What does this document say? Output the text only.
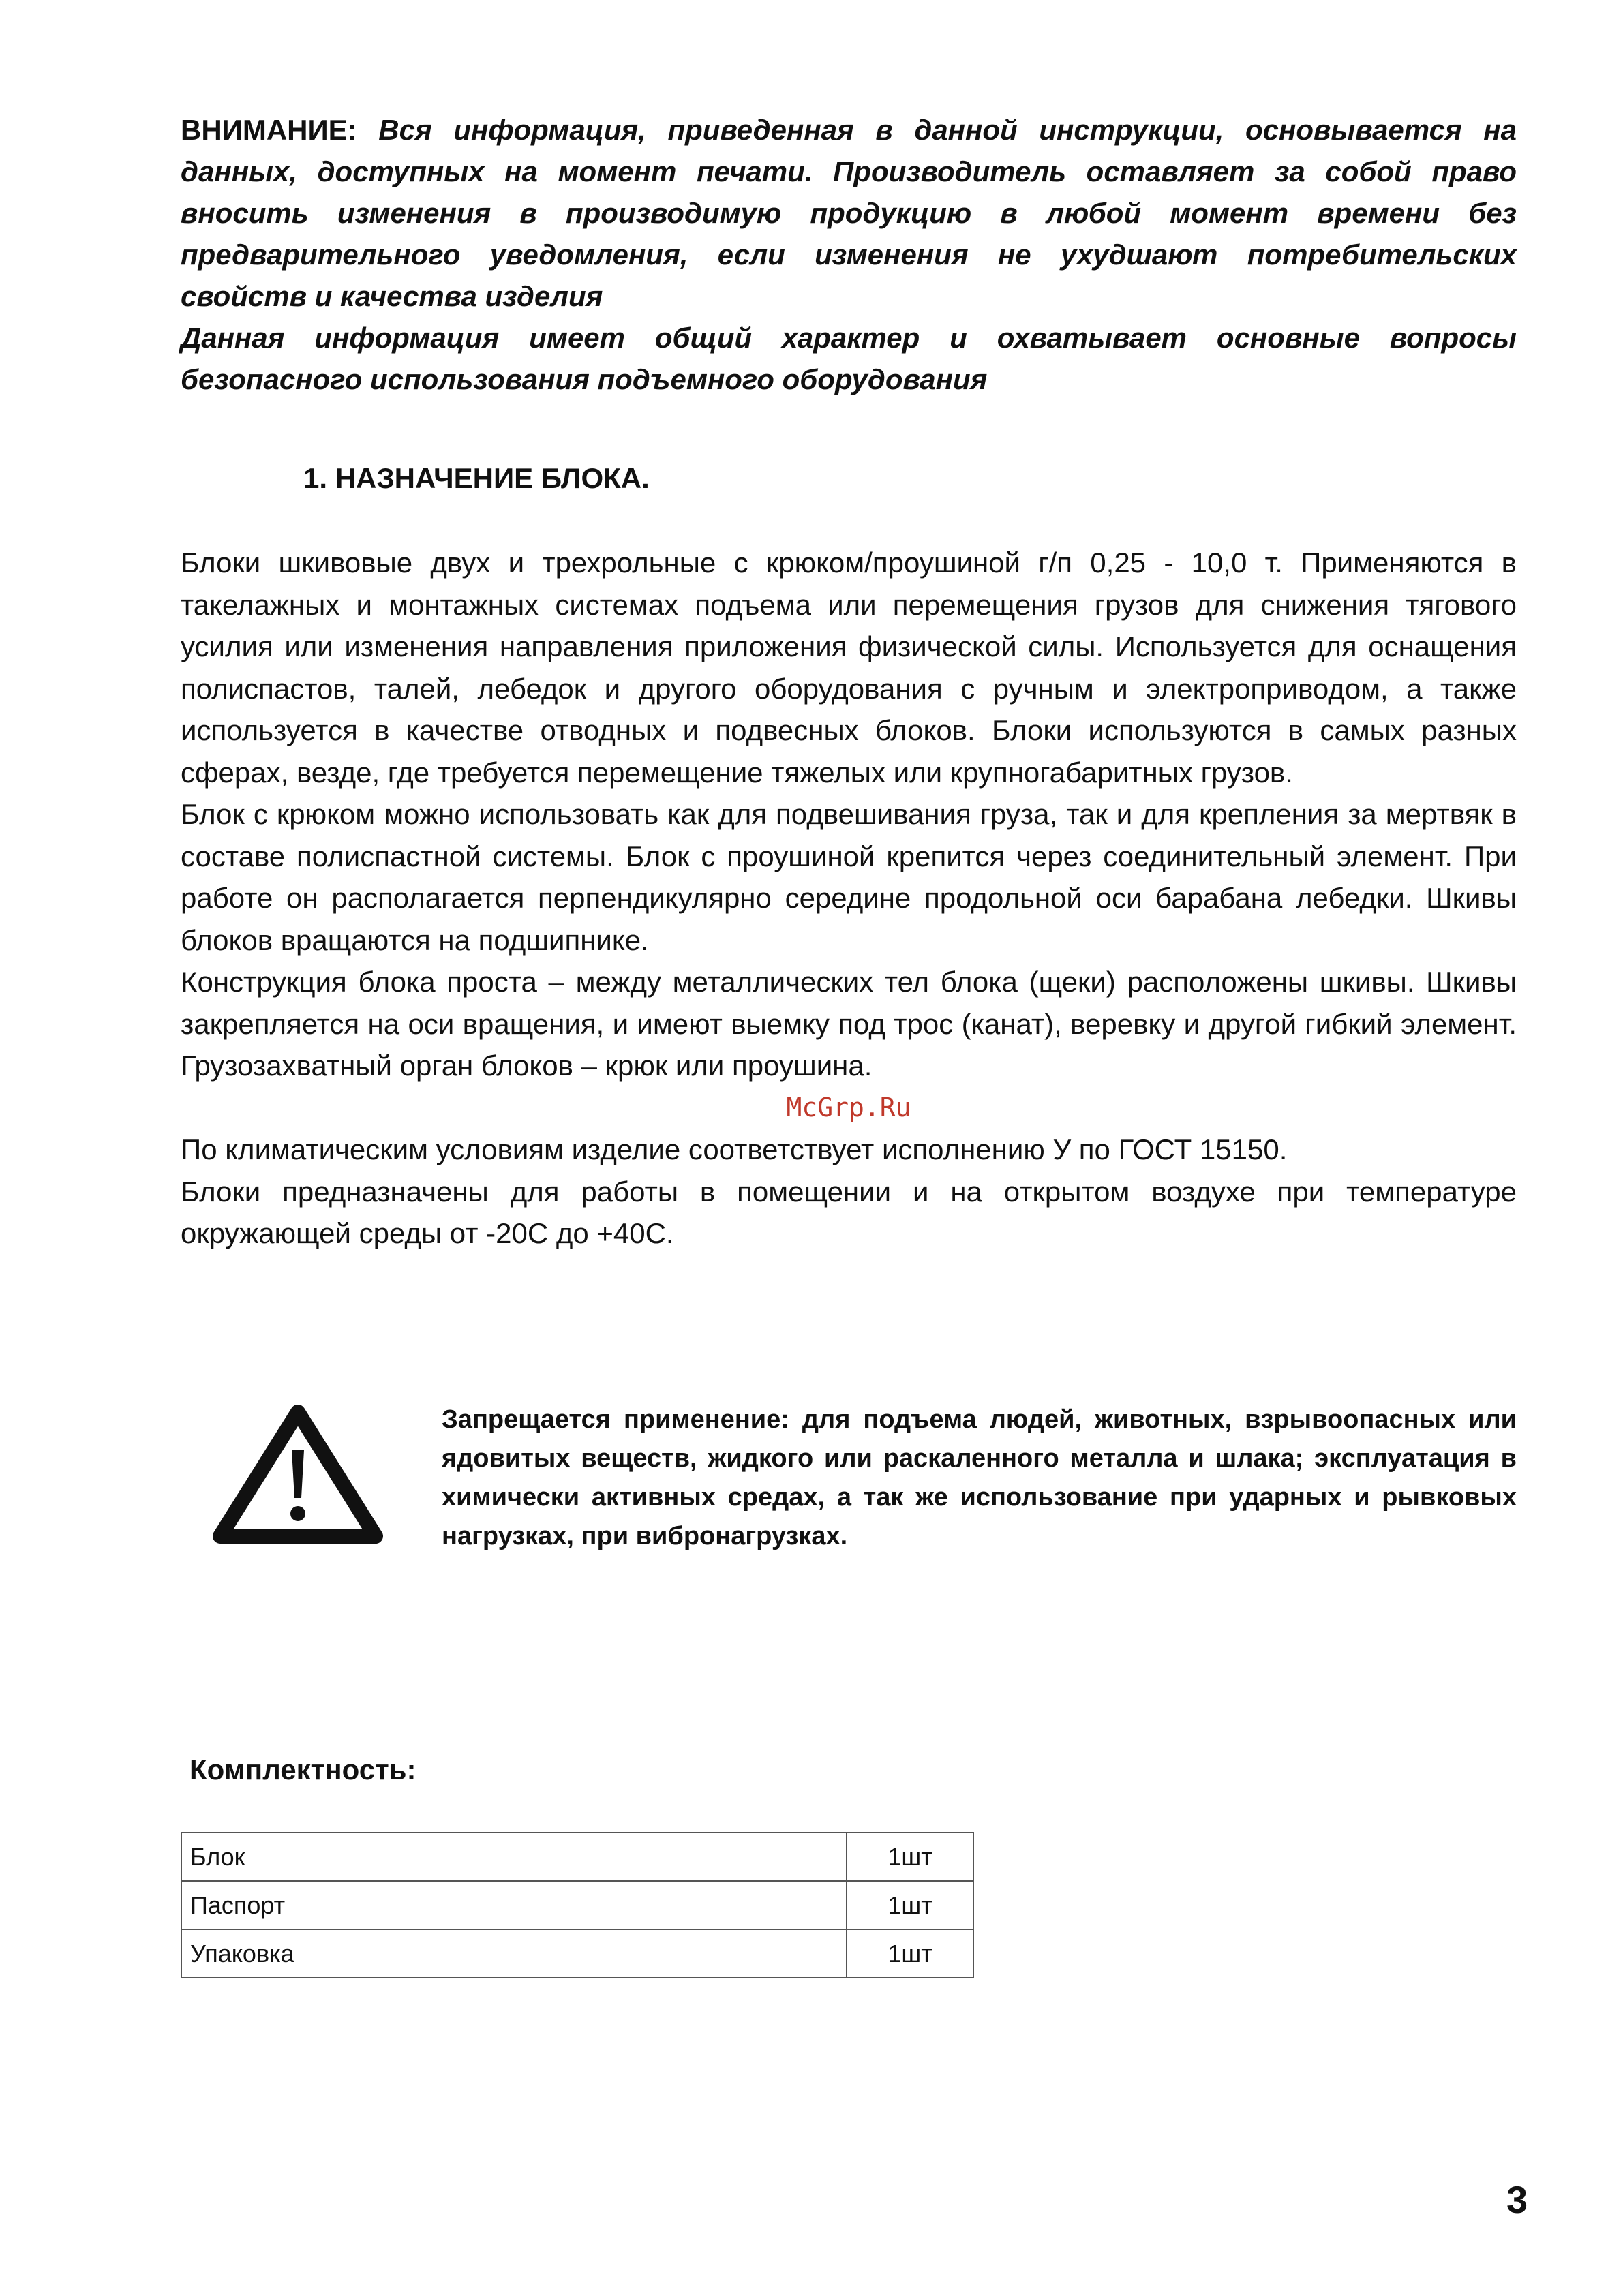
ВНИМАНИЕ: Вся информация, приведенная в данной инструкции, основывается на данных, доступных на момент печати. Производитель оставляет за собой право вносить изменения в производимую продукцию в любой момент времени без предварительного уведомления, если изменения не ухудшают потребительских свойств и качества изделия

Данная информация имеет общий характер и охватывает основные вопросы безопасного использования подъемного оборудования

1. НАЗНАЧЕНИЕ БЛОКА.

Блоки шкивовые двух и трехрольные с крюком/проушиной г/п 0,25 - 10,0 т. Применяются в такелажных и монтажных системах подъема или перемещения грузов для снижения тягового усилия или изменения направления приложения физической силы. Используется для оснащения полиспастов, талей, лебедок и другого оборудования с ручным и электроприводом, а также используется в качестве отводных и подвесных блоков. Блоки используются в самых разных сферах, везде, где требуется перемещение тяжелых или крупногабаритных грузов.

Блок с крюком можно использовать как для подвешивания груза, так и для крепления за мертвяк в составе полиспастной системы. Блок с проушиной крепится через соединительный элемент. При работе он располагается перпендикулярно середине продольной оси барабана лебедки. Шкивы блоков вращаются на подшипнике.

Конструкция блока проста – между металлических тел блока (щеки) расположены шкивы. Шкивы закрепляется на оси вращения, и имеют выемку под трос (канат), веревку и другой гибкий элемент. Грузозахватный орган блоков – крюк или проушина.

McGrp.Ru

По климатическим условиям изделие соответствует исполнению У по ГОСТ 15150.

Блоки предназначены для работы в помещении и на открытом воздухе при температуре окружающей среды от -20С до +40С.

Запрещается применение: для подъема людей, животных, взрывоопасных или ядовитых веществ, жидкого или раскаленного металла и шлака; эксплуатация в химически активных средах, а так же использование при ударных и рывковых нагрузках, при вибронагрузках.

Комплектность:
Блок	1шт
Паспорт	1шт
Упаковка	1шт
3
